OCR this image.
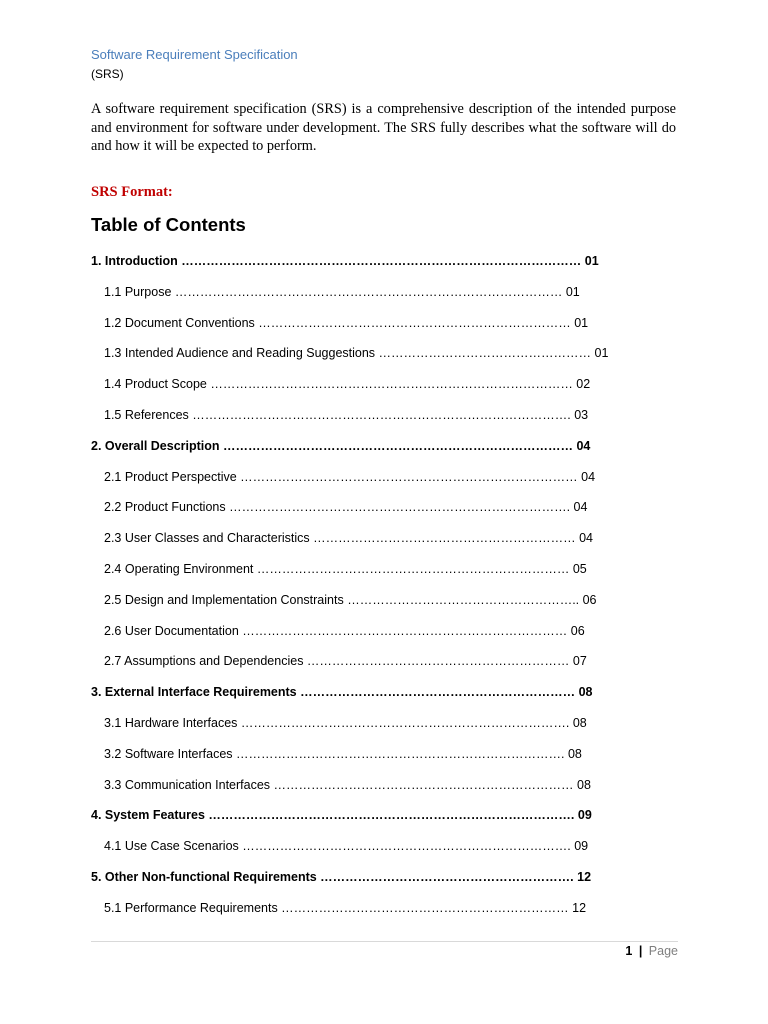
Software Requirement Specification
(SRS)
A software requirement specification (SRS) is a comprehensive description of the intended purpose and environment for software under development. The SRS fully describes what the software will do and how it will be expected to perform.
SRS Format:
Table of Contents
1. Introduction …………………………………………………………………………………… 01
1.1 Purpose ………………………………………………………………………………… 01
1.2 Document Conventions ………………………………………………………………… 01
1.3 Intended Audience and Reading Suggestions …………………………………………… 01
1.4 Product Scope …………………………………………………………………………… 02
1.5 References ………………………………………………………………………………. 03
2. Overall Description ………………………………………………………………………… 04
2.1 Product Perspective ……………………………………………………………………… 04
2.2 Product Functions ………………………………………………………………………. 04
2.3 User Classes and Characteristics ……………………………………………………… 04
2.4 Operating Environment ………………………………………………………………… 05
2.5 Design and Implementation Constraints ……………………………………………….. 06
2.6 User Documentation …………………………………………………………………… 06
2.7 Assumptions and Dependencies ……………………………………………………… 07
3. External Interface Requirements ………………………………………………………… 08
3.1 Hardware Interfaces ……………………………………………………………………. 08
3.2 Software Interfaces ……………………………………………………………………. 08
3.3 Communication Interfaces ……………………………………………………………… 08
4. System Features ……………………………………………………………………………. 09
4.1 Use Case Scenarios ……………………………………………………………………. 09
5. Other Non-functional Requirements ……………………………………………………. 12
5.1 Performance Requirements …………………………………………………………… 12
1 | Page
